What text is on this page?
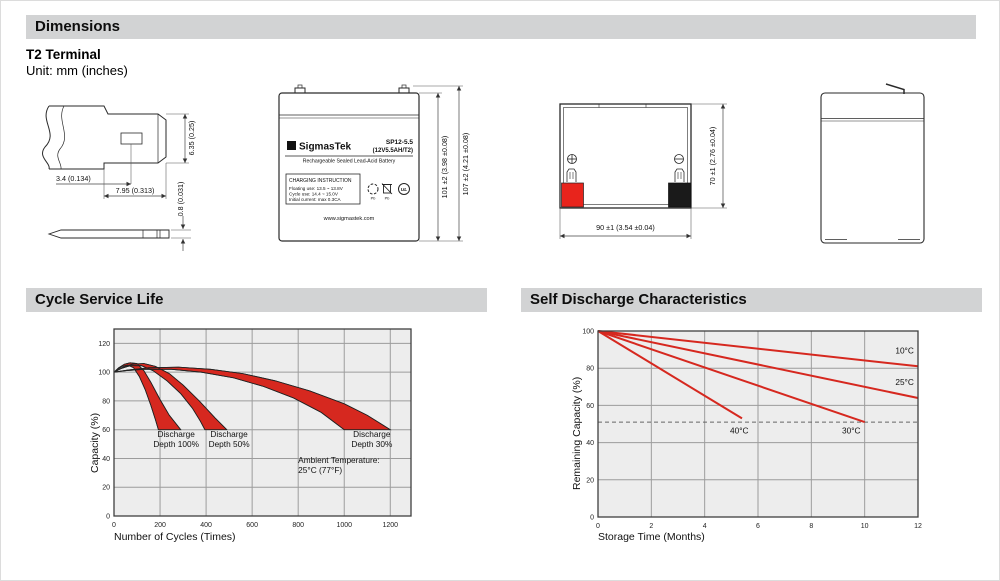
Dimensions
T2 Terminal
Unit: mm (inches)
6.35 (0.25)
3.4 (0.134)
7.95 (0.313)	0.8 (0.031)
Σ SigmasTek	SP12-5.5
(12V5.5AH/T2)
Rechargeable Sealed Lead-Acid Battery
CHARGING INSTRUCTION
Floating use: 13.5 ~ 13.8V
Cycle use: 14.4 ~ 15.0V
Initial current: max 0.3CA	Pb Pb
UL
www.sigmastek.com
101 ±2 (3.98 ±0.08) 107 ±2 (4.21 ±0.08)	70 ±1 (2.76 ±0.04)
90 ±1 (3.54 ±0.04)
Cycle Service Life	Self Discharge Characteristics
0
20
40
60
80
100
120
0	200	400	600	800	1000	1200
Discharge Depth 100%
Discharge Depth 50%
Discharge Depth 30%
Ambient Temperature: 25°C (77°F)
Capacity (%)
Number of Cycles (Times)
0
20
40
60
80
100
0	2	4	6	8	10	12
10°C
25°C
30°C
40°C
Remaining Capacity (%)
Storage Time (Months)
